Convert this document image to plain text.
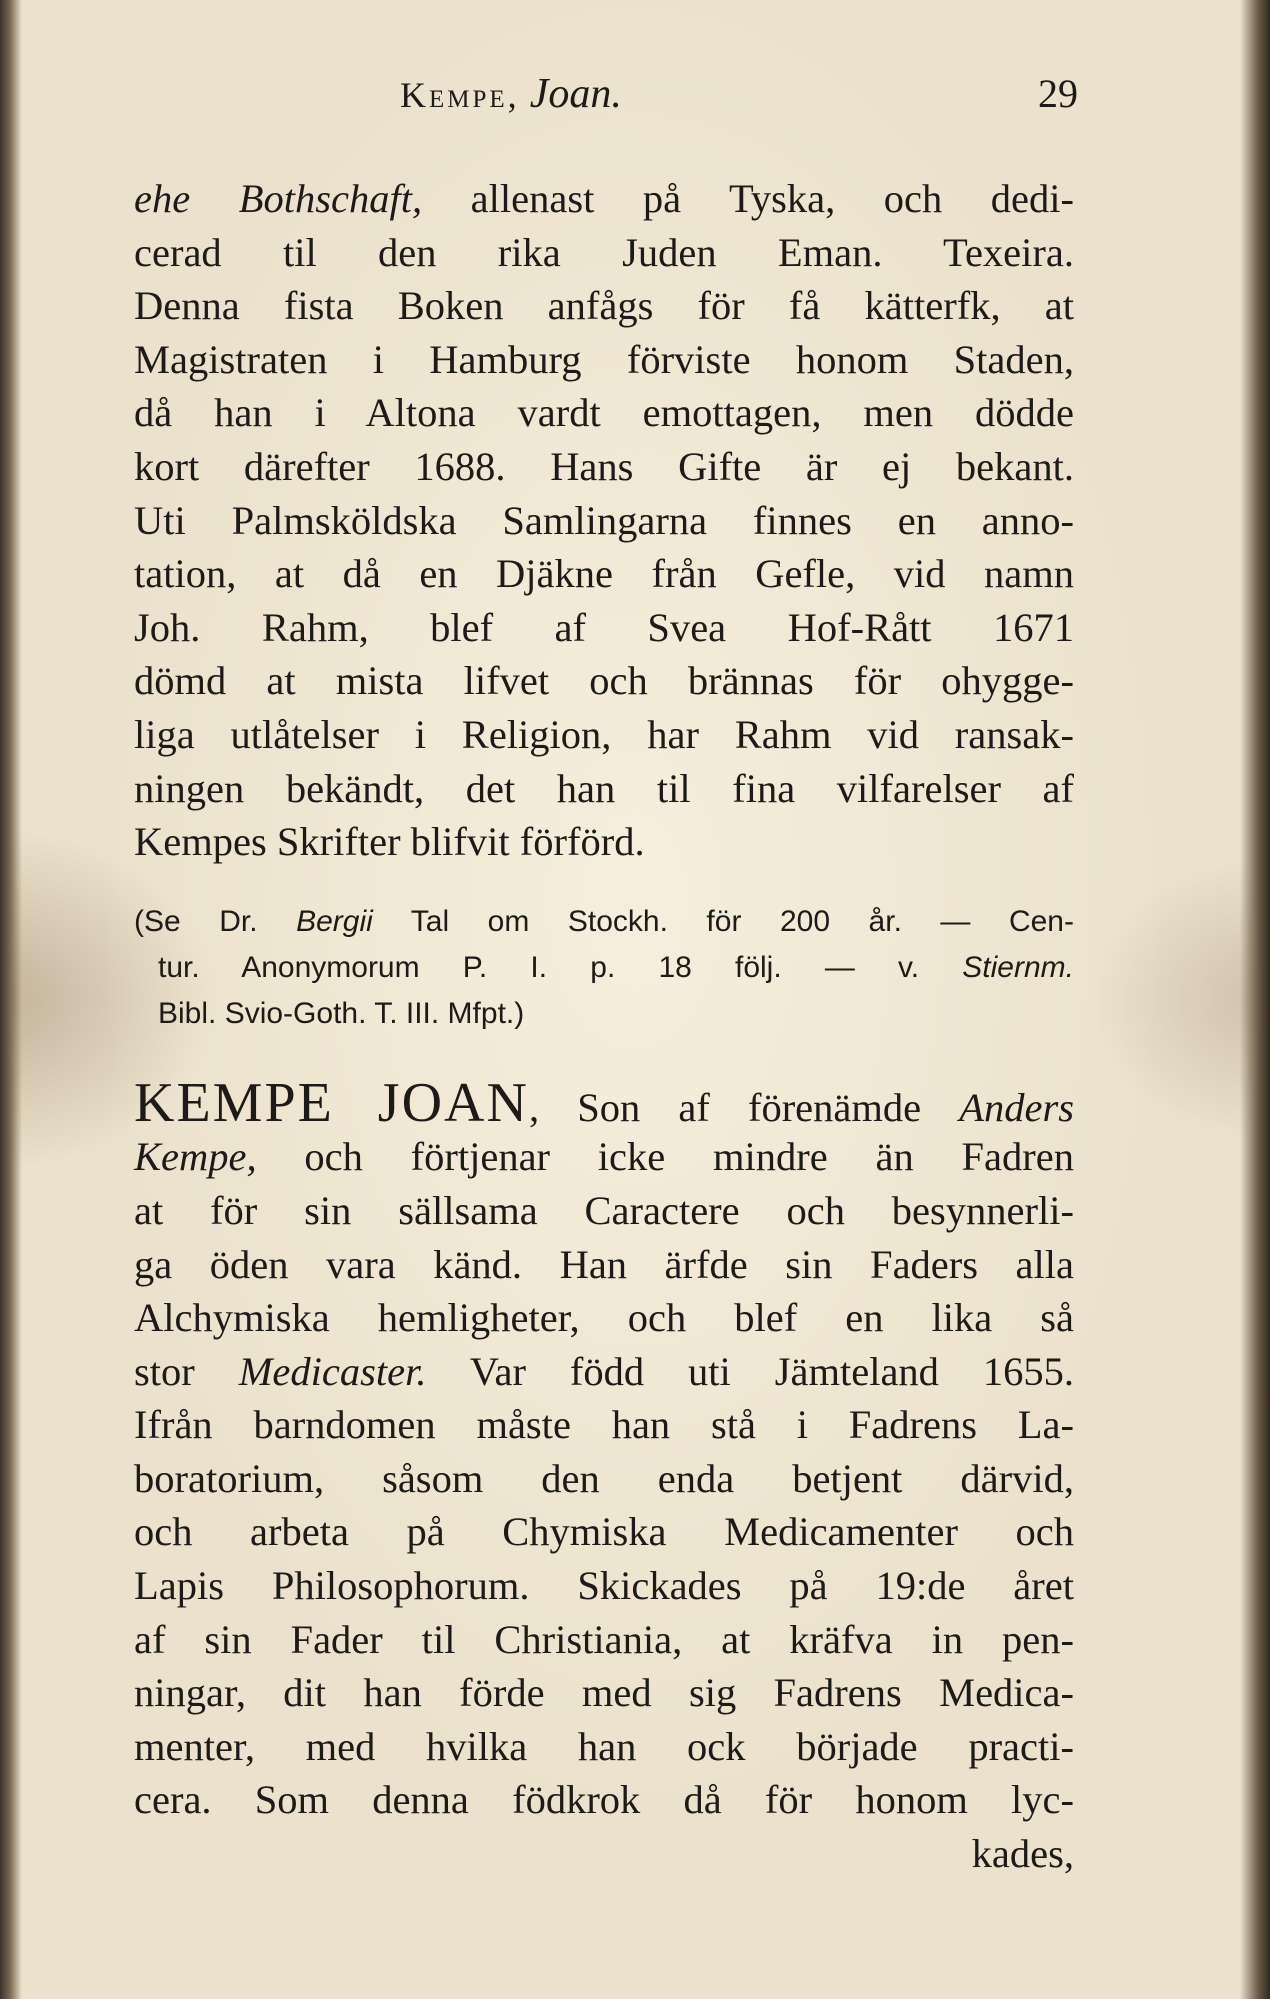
Kempe, Joan.	29
ehe Bothschaft, allenast på Tyska, och dedi-
cerad til den rika Juden Eman. Texeira.
Denna fista Boken anfågs för få kätterfk, at
Magistraten i Hamburg förviste honom Staden,
då han i Altona vardt emottagen, men dödde
kort därefter 1688. Hans Gifte är ej bekant.
Uti Palmsköldska Samlingarna finnes en anno-
tation, at då en Djäkne från Gefle, vid namn
Joh. Rahm, blef af Svea Hof-Rått 1671
dömd at mista lifvet och brännas för ohygge-
liga utlåtelser i Religion, har Rahm vid ransak-
ningen bekändt, det han til fina vilfarelser af
Kempes Skrifter blifvit förförd.
(Se Dr. Bergii Tal om Stockh. för 200 år. — Cen-
tur. Anonymorum P. I. p. 18 följ. — v. Stiernm.
Bibl. Svio-Goth. T. III. Mfpt.)
KEMPE JOAN, Son af förenämde Anders
Kempe, och förtjenar icke mindre än Fadren
at för sin sällsama Caractere och besynnerli-
ga öden vara känd. Han ärfde sin Faders alla
Alchymiska hemligheter, och blef en lika så
stor Medicaster. Var född uti Jämteland 1655.
Ifrån barndomen måste han stå i Fadrens La-
boratorium, såsom den enda betjent därvid,
och arbeta på Chymiska Medicamenter och
Lapis Philosophorum. Skickades på 19:de året
af sin Fader til Christiania, at kräfva in pen-
ningar, dit han förde med sig Fadrens Medica-
menter, med hvilka han ock började practi-
cera. Som denna födkrok då för honom lyc-
kades,
